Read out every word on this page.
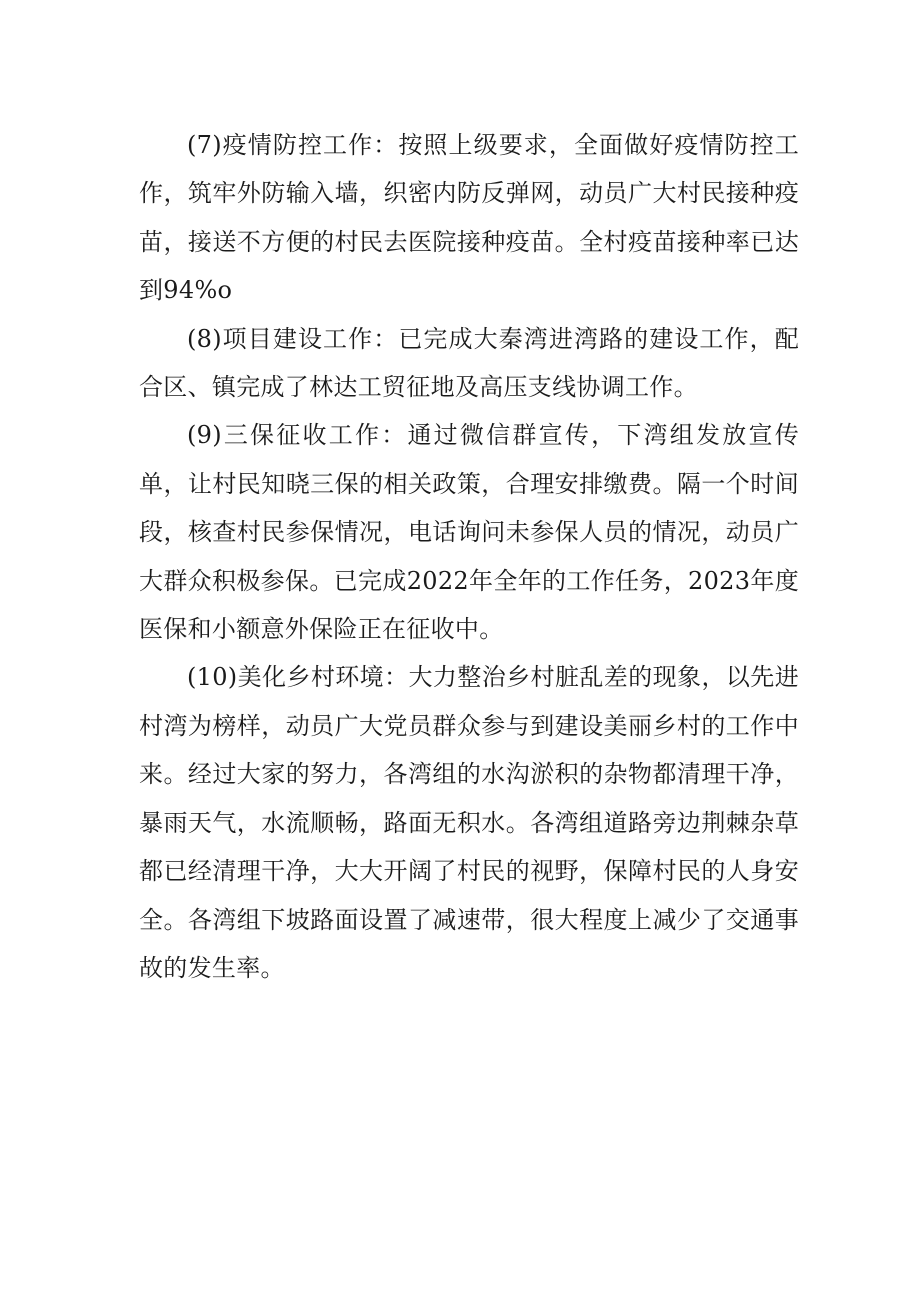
(7)疫情防控工作：按照上级要求，全面做好疫情防控工作，筑牢外防输入墙，织密内防反弹网，动员广大村民接种疫苗，接送不方便的村民去医院接种疫苗。全村疫苗接种率已达到94%o

(8)项目建设工作：已完成大秦湾进湾路的建设工作，配合区、镇完成了林达工贸征地及高压支线协调工作。

(9)三保征收工作：通过微信群宣传，下湾组发放宣传单，让村民知晓三保的相关政策，合理安排缴费。隔一个时间段，核查村民参保情况，电话询问未参保人员的情况，动员广大群众积极参保。已完成2022年全年的工作任务，2023年度医保和小额意外保险正在征收中。

(10)美化乡村环境：大力整治乡村脏乱差的现象，以先进村湾为榜样，动员广大党员群众参与到建设美丽乡村的工作中来。经过大家的努力，各湾组的水沟淤积的杂物都清理干净，暴雨天气，水流顺畅，路面无积水。各湾组道路旁边荆棘杂草都已经清理干净，大大开阔了村民的视野，保障村民的人身安全。各湾组下坡路面设置了减速带，很大程度上减少了交通事故的发生率。
